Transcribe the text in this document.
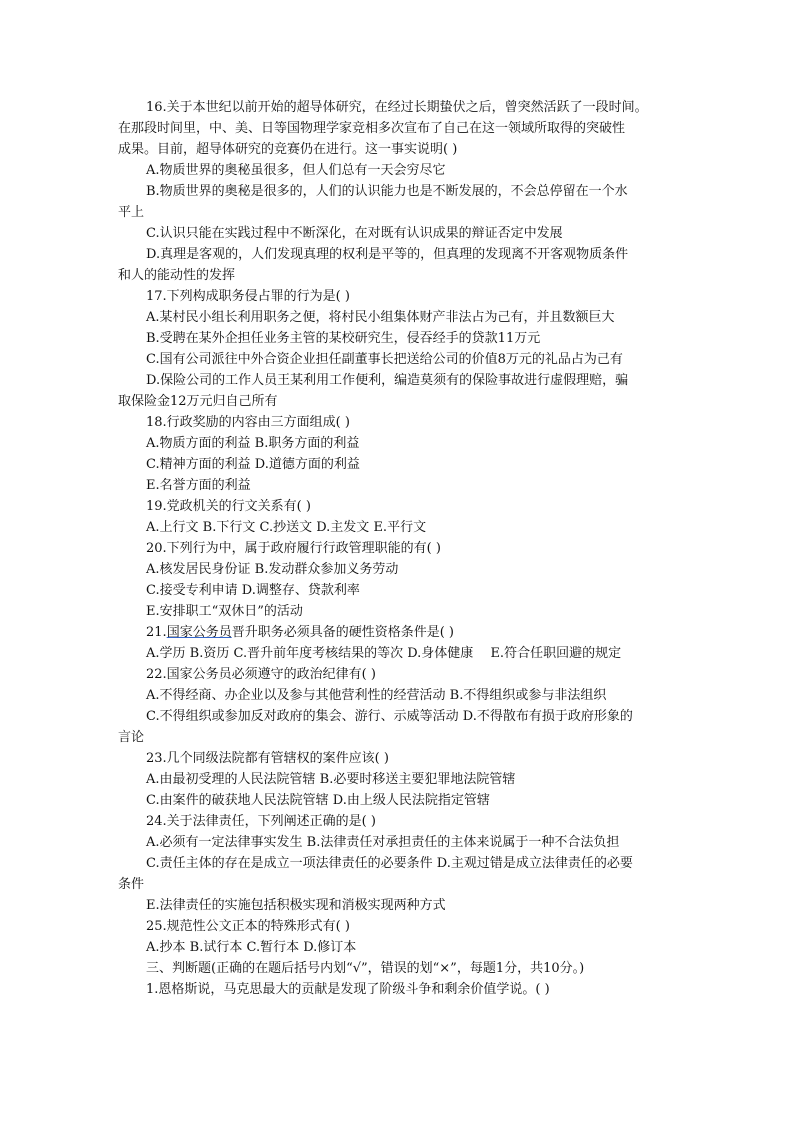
16.关于本世纪以前开始的超导体研究，在经过长期蛰伏之后，曾突然活跃了一段时间。
在那段时间里，中、美、日等国物理学家竞相多次宣布了自己在这一领域所取得的突破性
成果。目前，超导体研究的竞赛仍在进行。这一事实说明( )
A.物质世界的奥秘虽很多，但人们总有一天会穷尽它
B.物质世界的奥秘是很多的，人们的认识能力也是不断发展的，不会总停留在一个水
平上
C.认识只能在实践过程中不断深化，在对既有认识成果的辩证否定中发展
D.真理是客观的，人们发现真理的权利是平等的，但真理的发现离不开客观物质条件
和人的能动性的发挥
17.下列构成职务侵占罪的行为是( )
A.某村民小组长利用职务之便，将村民小组集体财产非法占为己有，并且数额巨大
B.受聘在某外企担任业务主管的某校研究生，侵吞经手的贷款11万元
C.国有公司派往中外合资企业担任副董事长把送给公司的价值8万元的礼品占为己有
D.保险公司的工作人员王某利用工作便利，编造莫须有的保险事故进行虚假理赔，骗
取保险金12万元归自己所有
18.行政奖励的内容由三方面组成( )
A.物质方面的利益 B.职务方面的利益
C.精神方面的利益 D.道德方面的利益
E.名誉方面的利益
19.党政机关的行文关系有( )
A.上行文 B.下行文 C.抄送文 D.主发文 E.平行文
20.下列行为中，属于政府履行行政管理职能的有( )
A.核发居民身份证 B.发动群众参加义务劳动
C.接受专利申请 D.调整存、贷款利率
E.安排职工“双休日”的活动
21.国家公务员晋升职务必须具备的硬性资格条件是( )
A.学历 B.资历 C.晋升前年度考核结果的等次 D.身体健康　 E.符合任职回避的规定
22.国家公务员必须遵守的政治纪律有( )
A.不得经商、办企业以及参与其他营利性的经营活动 B.不得组织或参与非法组织
C.不得组织或参加反对政府的集会、游行、示威等活动 D.不得散布有损于政府形象的
言论
23.几个同级法院都有管辖权的案件应该( )
A.由最初受理的人民法院管辖 B.必要时移送主要犯罪地法院管辖
C.由案件的破获地人民法院管辖 D.由上级人民法院指定管辖
24.关于法律责任，下列阐述正确的是( )
A.必须有一定法律事实发生 B.法律责任对承担责任的主体来说属于一种不合法负担
C.责任主体的存在是成立一项法律责任的必要条件 D.主观过错是成立法律责任的必要
条件
E.法律责任的实施包括积极实现和消极实现两种方式
25.规范性公文正本的特殊形式有( )
A.抄本 B.试行本 C.暂行本 D.修订本
三、判断题(正确的在题后括号内划“√”，错误的划“×”，每题1分，共10分。)
1.恩格斯说，马克思最大的贡献是发现了阶级斗争和剩余价值学说。( )
